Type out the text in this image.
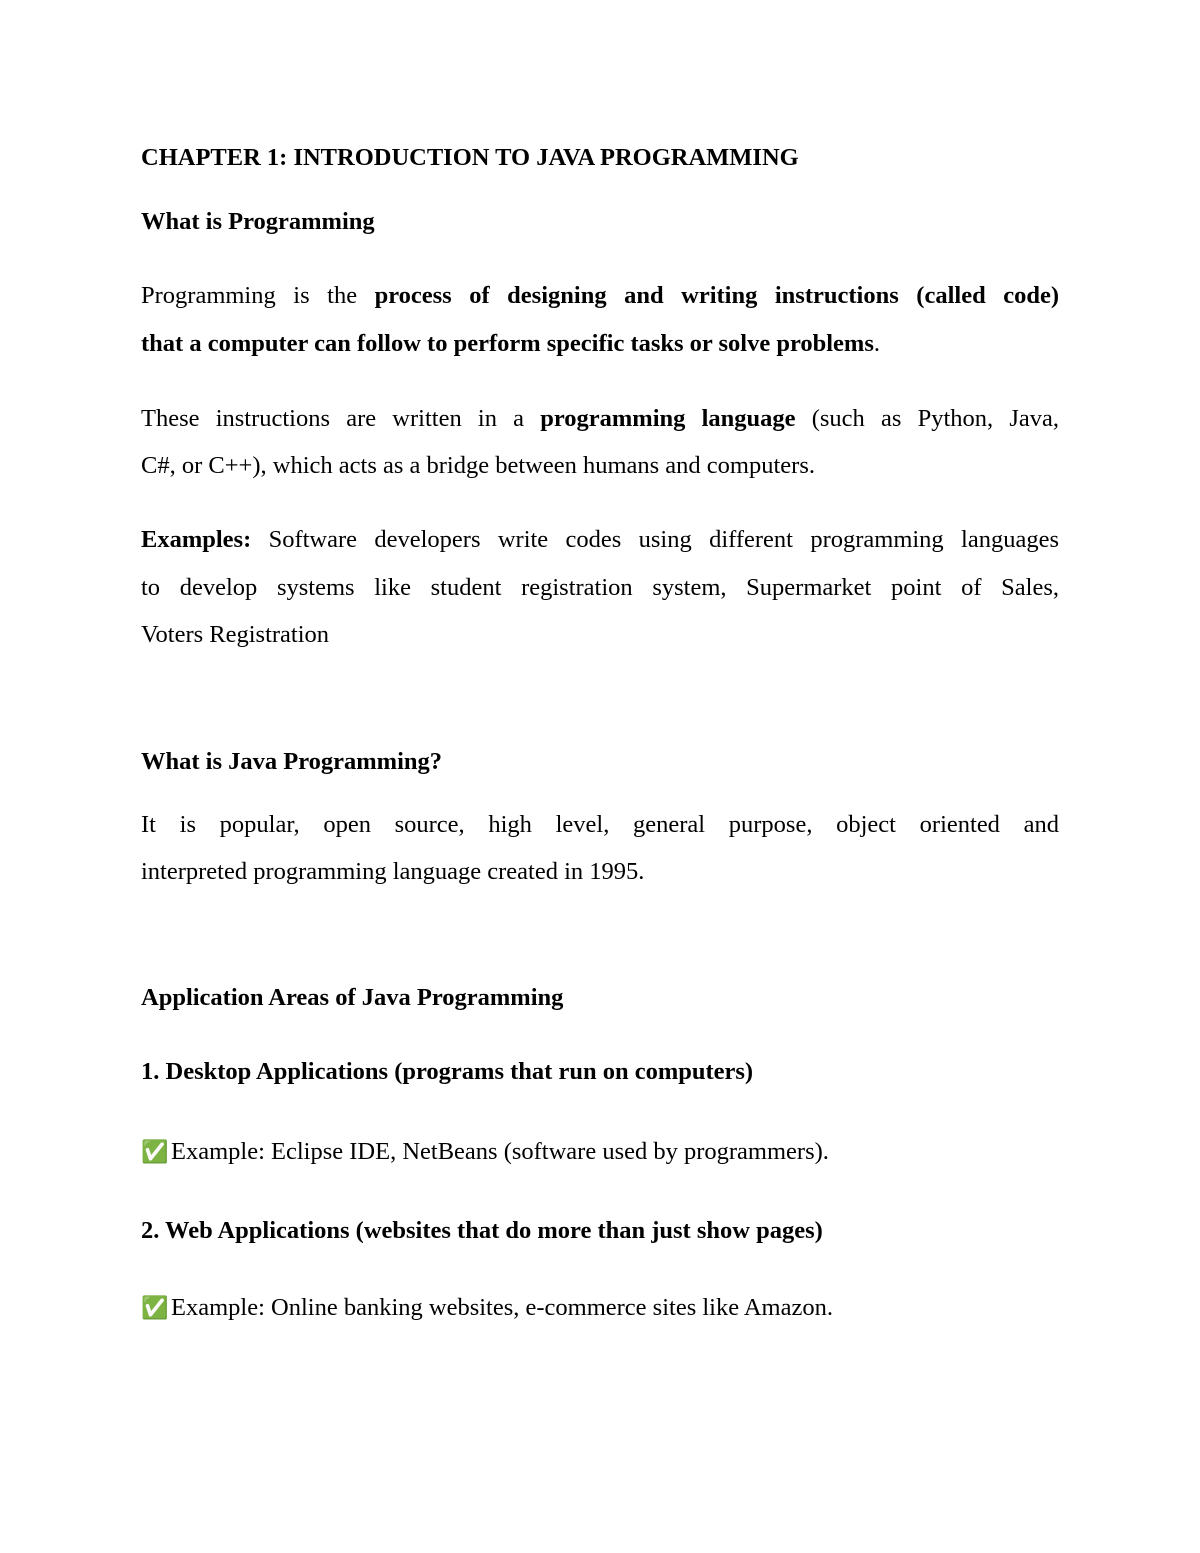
CHAPTER 1: INTRODUCTION TO JAVA PROGRAMMING
What is Programming
Programming is the process of designing and writing instructions (called code)
that a computer can follow to perform specific tasks or solve problems.
These instructions are written in a programming language (such as Python, Java,
C#, or C++), which acts as a bridge between humans and computers.
Examples: Software developers write codes using different programming languages
to develop systems like student registration system, Supermarket point of Sales,
Voters Registration
What is Java Programming?
It is popular, open source, high level, general purpose, object oriented and
interpreted programming language created in 1995.
Application Areas of Java Programming
1. Desktop Applications (programs that run on computers)
✅ Example: Eclipse IDE, NetBeans (software used by programmers).
2. Web Applications (websites that do more than just show pages)
✅ Example: Online banking websites, e-commerce sites like Amazon.
